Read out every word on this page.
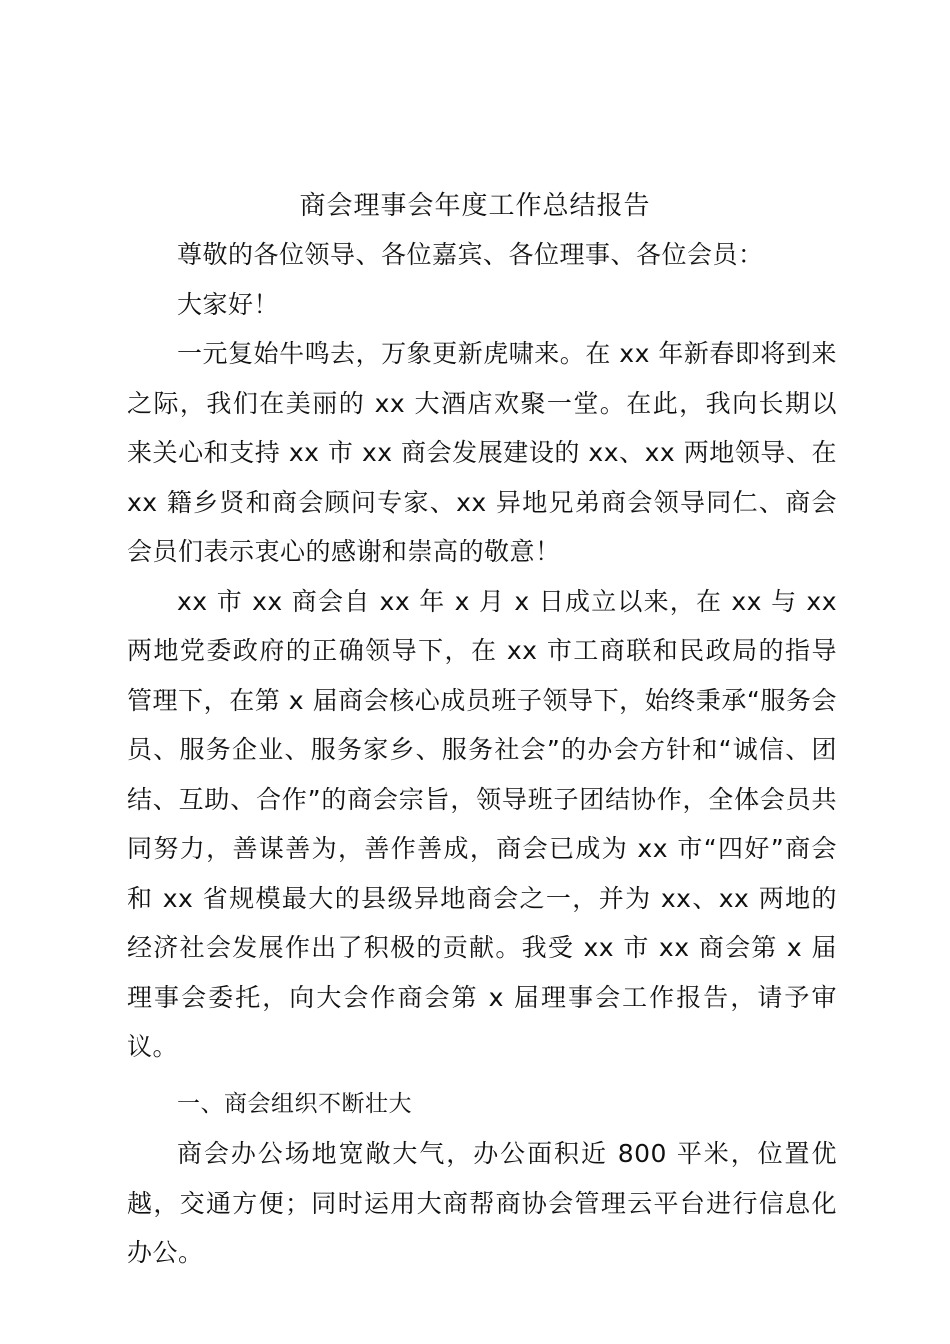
商会理事会年度工作总结报告

尊敬的各位领导、各位嘉宾、各位理事、各位会员：

大家好！

一元复始牛鸣去，万象更新虎啸来。在 xx 年新春即将到来之际，我们在美丽的 xx 大酒店欢聚一堂。在此，我向长期以来关心和支持 xx 市 xx 商会发展建设的 xx、xx 两地领导、在 xx 籍乡贤和商会顾问专家、xx 异地兄弟商会领导同仁、商会会员们表示衷心的感谢和崇高的敬意！

xx 市 xx 商会自 xx 年 x 月 x 日成立以来，在 xx 与 xx 两地党委政府的正确领导下，在 xx 市工商联和民政局的指导管理下，在第 x 届商会核心成员班子领导下，始终秉承“服务会员、服务企业、服务家乡、服务社会”的办会方针和“诚信、团结、互助、合作”的商会宗旨，领导班子团结协作，全体会员共同努力，善谋善为，善作善成，商会已成为 xx 市“四好”商会和 xx 省规模最大的县级异地商会之一，并为 xx、xx 两地的经济社会发展作出了积极的贡献。我受 xx 市 xx 商会第 x 届理事会委托，向大会作商会第 x 届理事会工作报告，请予审议。

一、商会组织不断壮大

商会办公场地宽敞大气，办公面积近 800 平米，位置优越，交通方便；同时运用大商帮商协会管理云平台进行信息化办公。
